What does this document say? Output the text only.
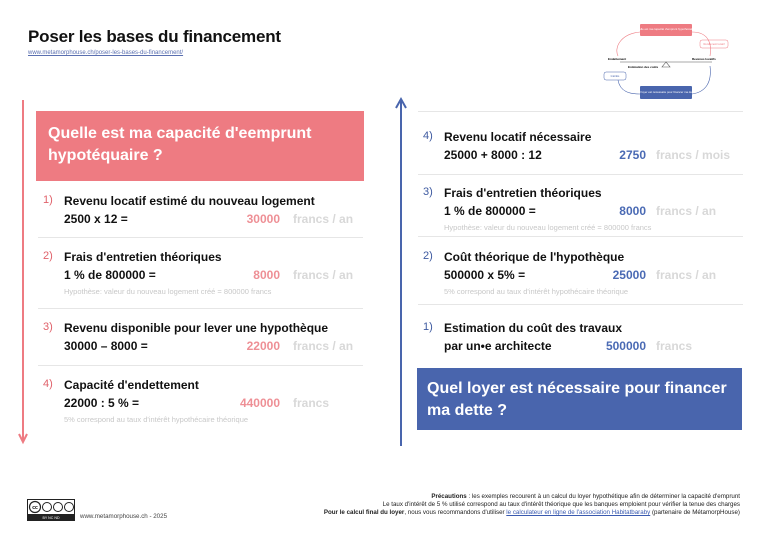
Poser les bases du financement
www.metamorphouse.ch/poser-les-bases-du-financement/
Quelle est ma capacité d'emprunt hypothécaire ?
Rendement locatif
Endettement	Revenus locatifs
Estimation des coûts
Intérêts
Quel loyer est nécessaire pour financer ma dette ?
Quelle est ma capacité d'eemprunt hypotéquaire ?
1) Revenu locatif estimé du nouveau logement
2500 x 12 =	30000 francs / an
2) Frais d'entretien théoriques
1 % de 800000 =	8000 francs / an
Hypothèse: valeur du nouveau logement créé = 800000 francs
3) Revenu disponible pour lever une hypothèque
30000 – 8000 =	22000 francs / an
4) Capacité d'endettement
22000 : 5 % =	440000 francs
5% correspond au taux d'intérêt hypothécaire théorique
4) Revenu locatif nécessaire
25000 + 8000 : 12	2750 francs / mois
3) Frais d'entretien théoriques
1 % de 800000 =	8000 francs / an
Hypothèse: valeur du nouveau logement créé = 800000 francs
2) Coût théorique de l'hypothèque
500000 x 5% =	25000 francs / an
5% correspond au taux d'intérêt hypothécaire théorique
1) Estimation du coût des travaux
par un•e architecte	500000 francs
Quel loyer est nécessaire pour financer ma dette ?
cc
BY NC ND	www.metamorphouse.ch - 2025
Précautions : les exemples recourent à un calcul du loyer hypothétique afin de déterminer la capacité d'emprunt
Le taux d'intérêt de 5 % utilisé correspond au taux d'intérêt théorique que les banques emploient pour vérifier la tenue des charges
Pour le calcul final du loyer, nous vous recommandons d'utiliser le calculateur en ligne de l'association Habitatbaraby (partenaire de MétamorpHouse)
